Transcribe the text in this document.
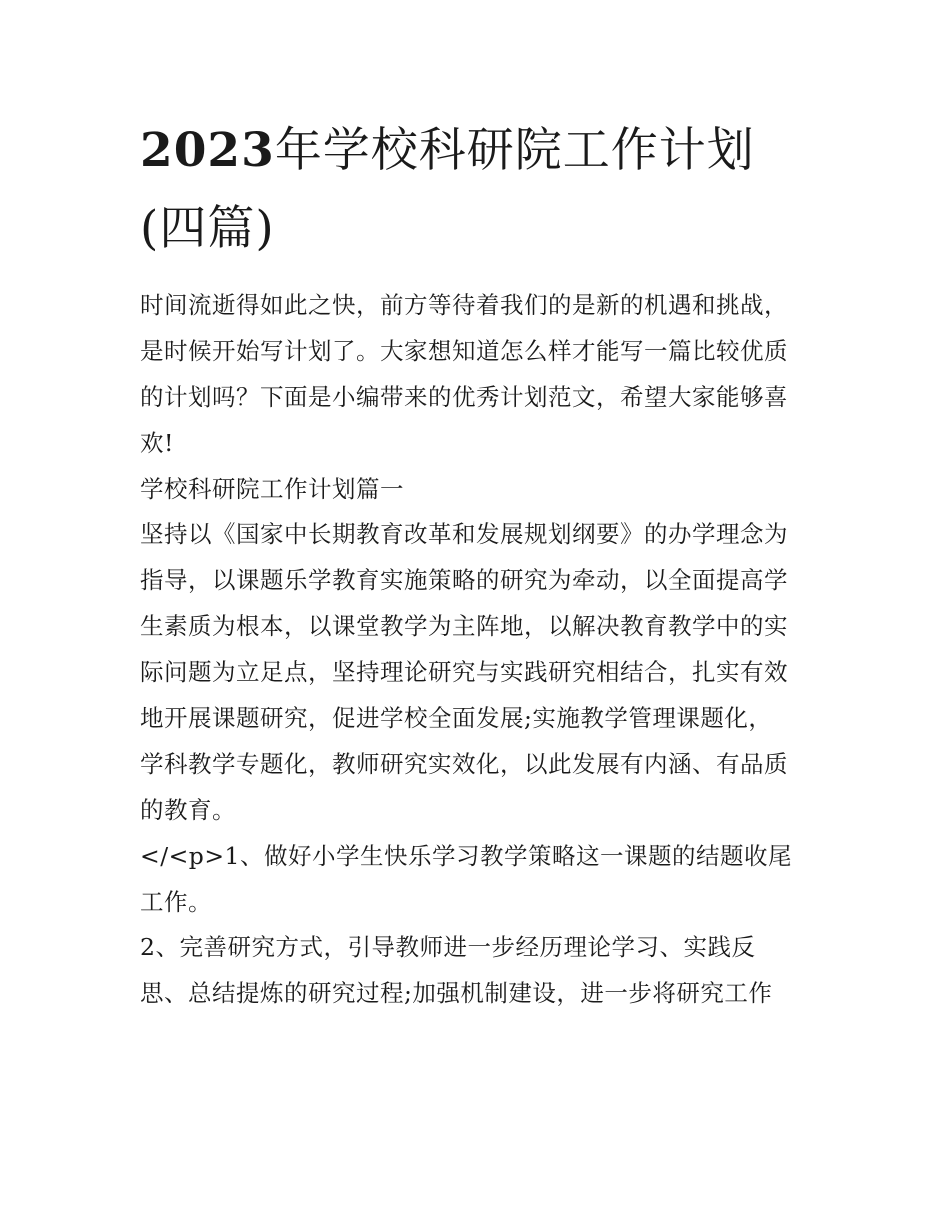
2023年学校科研院工作计划
(四篇)
时间流逝得如此之快，前方等待着我们的是新的机遇和挑战，
是时候开始写计划了。大家想知道怎么样才能写一篇比较优质
的计划吗？下面是小编带来的优秀计划范文，希望大家能够喜
欢!
学校科研院工作计划篇一
坚持以《国家中长期教育改革和发展规划纲要》的办学理念为
指导，以课题乐学教育实施策略的研究为牵动，以全面提高学
生素质为根本，以课堂教学为主阵地，以解决教育教学中的实
际问题为立足点，坚持理论研究与实践研究相结合，扎实有效
地开展课题研究，促进学校全面发展;实施教学管理课题化，
学科教学专题化，教师研究实效化，以此发展有内涵、有品质
的教育。
</<p>1、做好小学生快乐学习教学策略这一课题的结题收尾
工作。
2、完善研究方式，引导教师进一步经历理论学习、实践反
思、总结提炼的研究过程;加强机制建设，进一步将研究工作
